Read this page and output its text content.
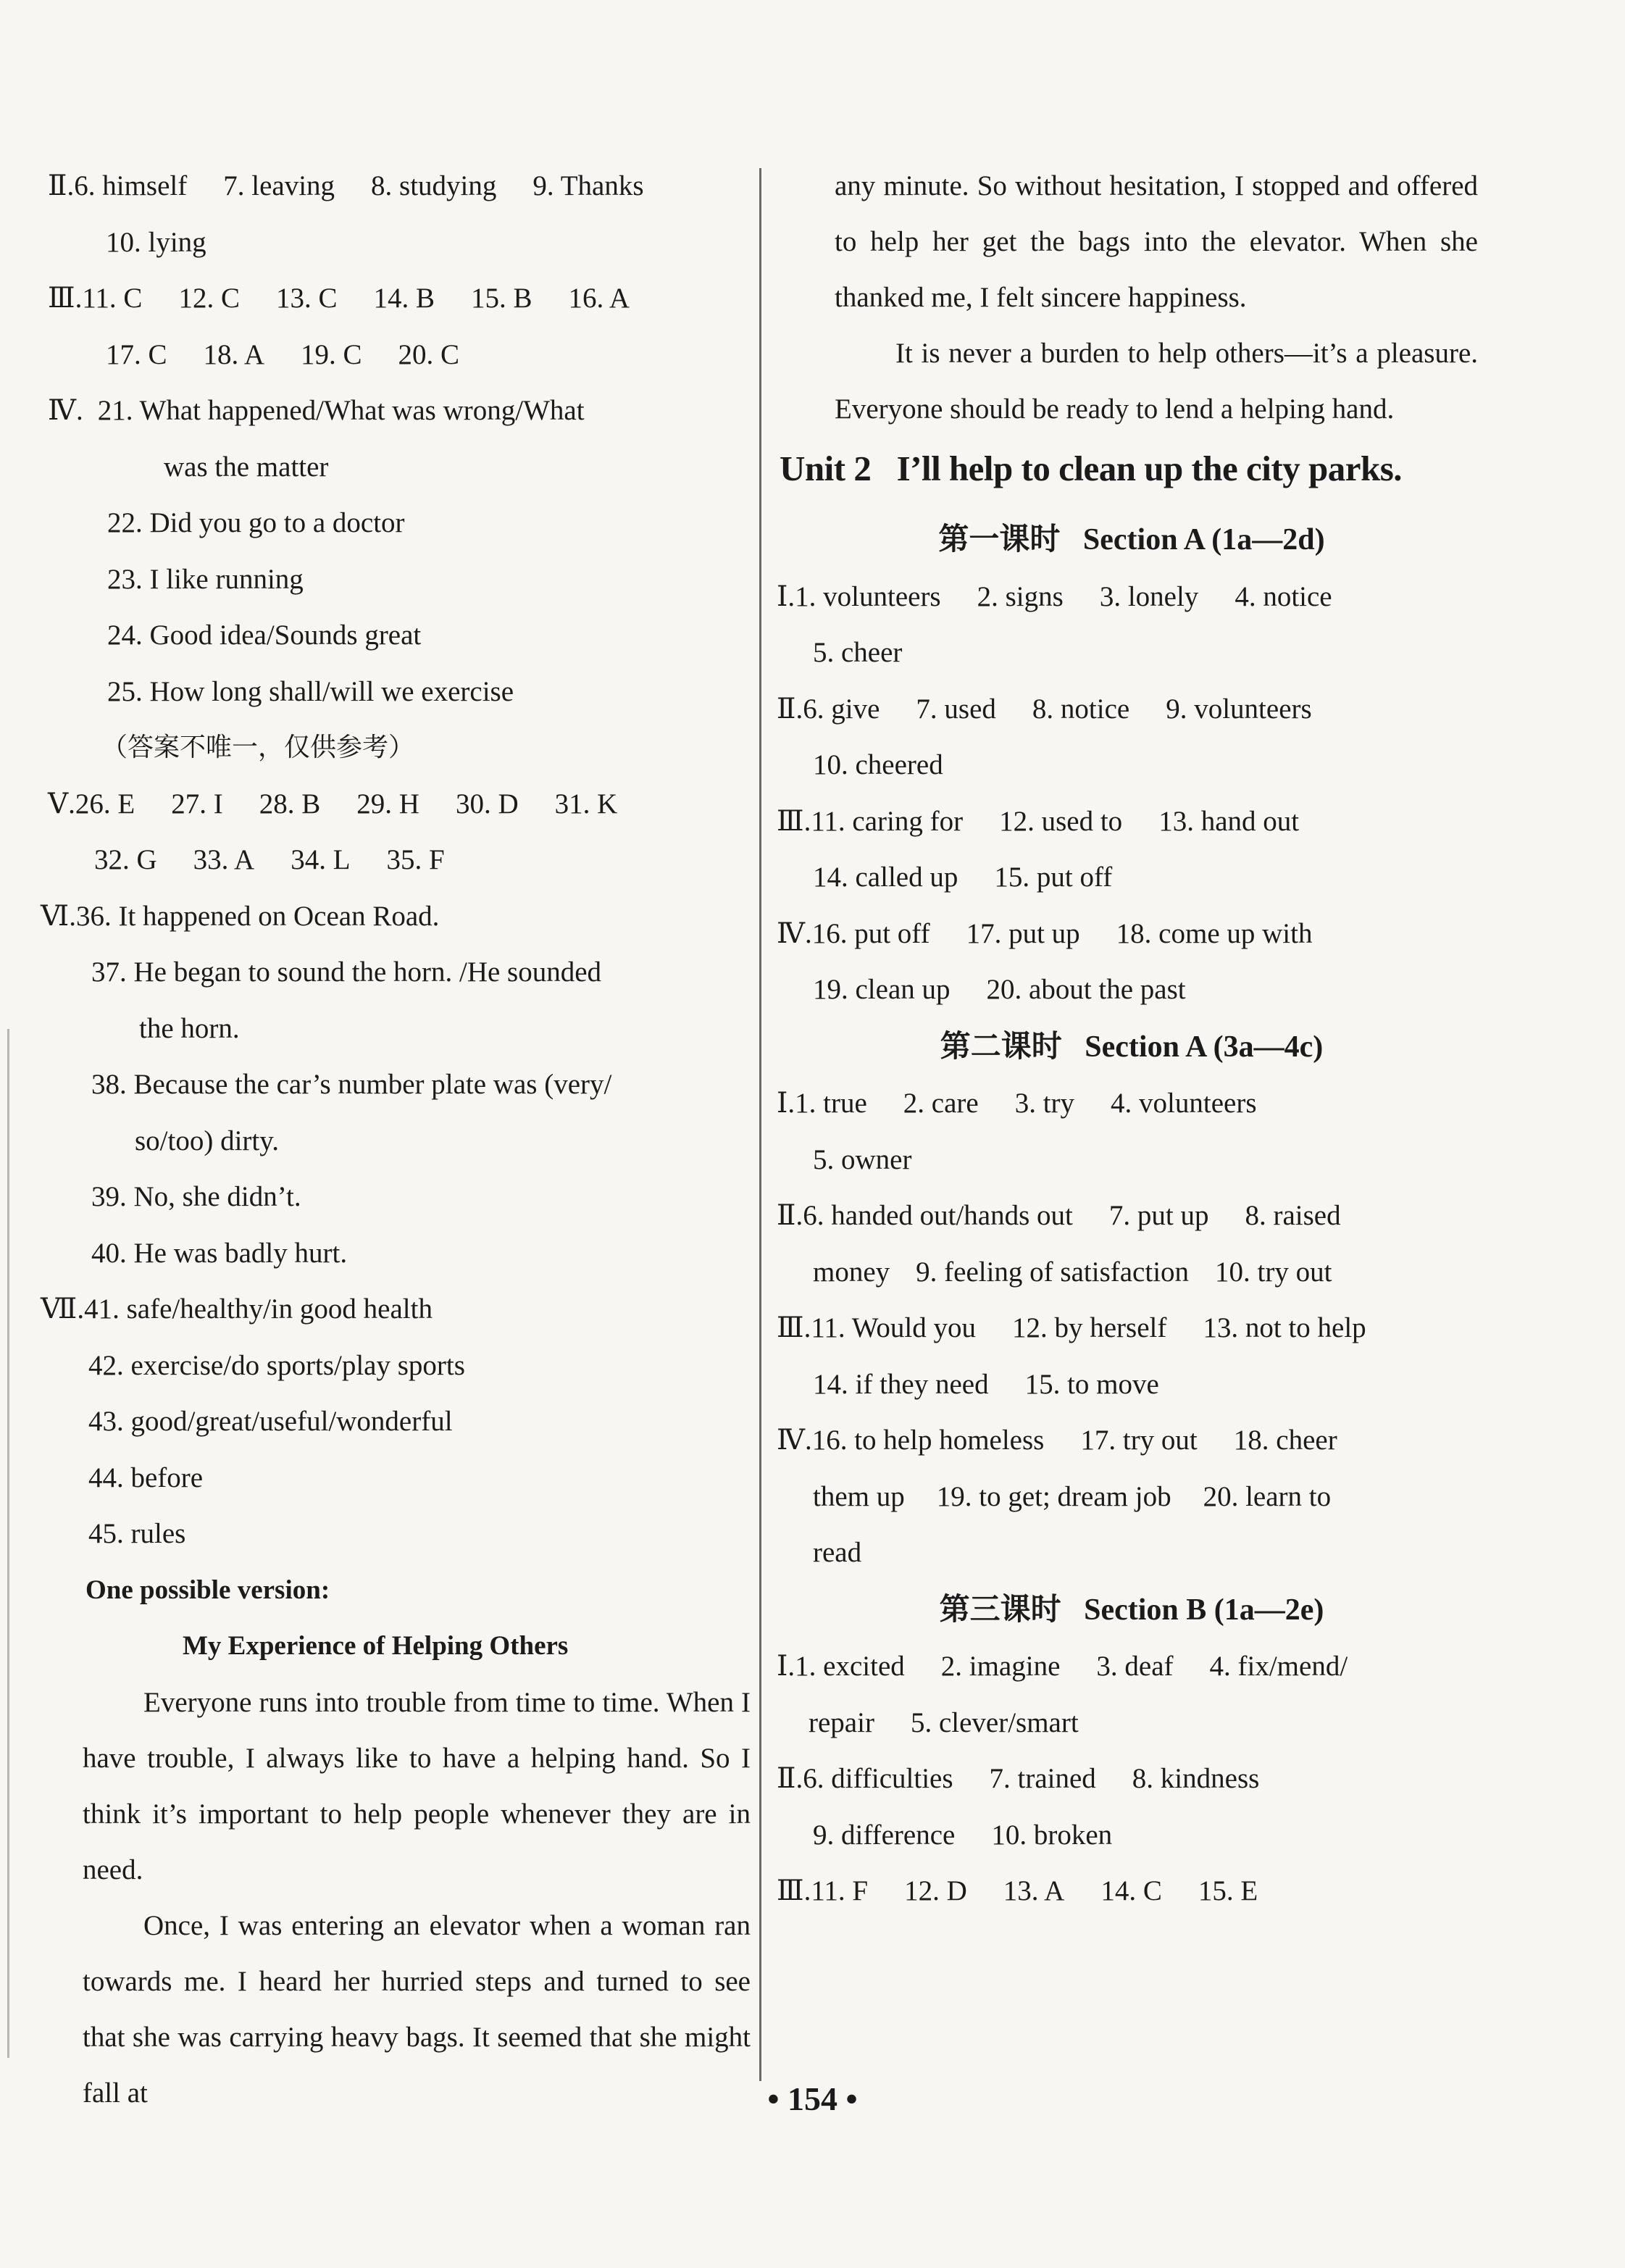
Ⅱ. 6. himself 7. leaving 8. studying 9. Thanks
10. lying
Ⅲ. 11. C 12. C 13. C 14. B 15. B 16. A
17. C 18. A 19. C 20. C
Ⅳ. 21. What happened/What was wrong/What
was the matter
22. Did you go to a doctor
23. I like running
24. Good idea/Sounds great
25. How long shall/will we exercise
（答案不唯一，仅供参考）
Ⅴ. 26. E 27. I 28. B 29. H 30. D 31. K
32. G 33. A 34. L 35. F
Ⅵ. 36. It happened on Ocean Road.
37. He began to sound the horn. /He sounded
the horn.
38. Because the car’s number plate was (very/
so/too) dirty.
39. No, she didn’t.
40. He was badly hurt.
Ⅶ. 41. safe/healthy/in good health
42. exercise/do sports/play sports
43. good/great/useful/wonderful
44. before
45. rules
One possible version:
My Experience of Helping Others
Everyone runs into trouble from time to time. When I have trouble, I always like to have a helping hand. So I think it’s important to help people whenever they are in need.
Once, I was entering an elevator when a woman ran towards me. I heard her hurried steps and turned to see that she was carrying heavy bags. It seemed that she might fall at
any minute. So without hesitation, I stopped and offered to help her get the bags into the elevator. When she thanked me, I felt sincere happiness.
It is never a burden to help others—it’s a pleasure. Everyone should be ready to lend a helping hand.
Unit 2   I’ll help to clean up the city parks.
第一课时 Section A (1a—2d)
Ⅰ. 1. volunteers 2. signs 3. lonely 4. notice
5. cheer
Ⅱ. 6. give 7. used 8. notice 9. volunteers
10. cheered
Ⅲ. 11. caring for 12. used to 13. hand out
14. called up 15. put off
Ⅳ. 16. put off 17. put up 18. come up with
19. clean up 20. about the past
第二课时 Section A (3a—4c)
Ⅰ. 1. true 2. care 3. try 4. volunteers
5. owner
Ⅱ. 6. handed out/hands out 7. put up 8. raised
money 9. feeling of satisfaction 10. try out
Ⅲ. 11. Would you 12. by herself 13. not to help
14. if they need 15. to move
Ⅳ. 16. to help homeless 17. try out 18. cheer
them up 19. to get; dream job 20. learn to
read
第三课时 Section B (1a—2e)
Ⅰ. 1. excited 2. imagine 3. deaf 4. fix/mend/
repair 5. clever/smart
Ⅱ. 6. difficulties 7. trained 8. kindness
9. difference 10. broken
Ⅲ. 11. F 12. D 13. A 14. C 15. E
• 154 •
